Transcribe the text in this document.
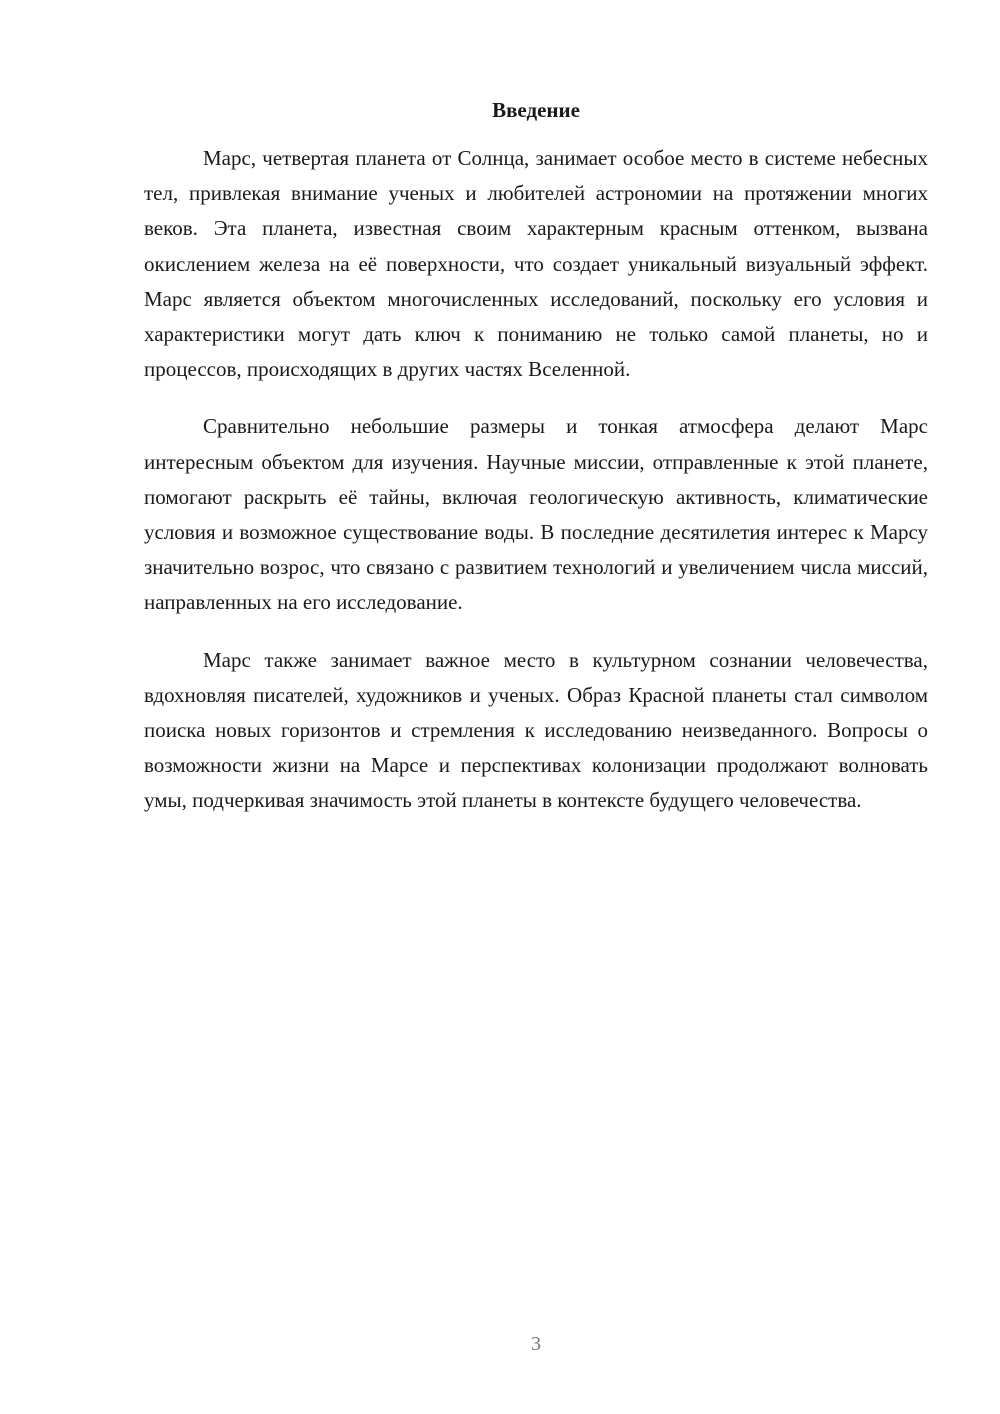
Введение

Марс, четвертая планета от Солнца, занимает особое место в системе небесных тел, привлекая внимание ученых и любителей астрономии на протяжении многих веков. Эта планета, известная своим характерным красным оттенком, вызвана окислением железа на её поверхности, что создает уникальный визуальный эффект. Марс является объектом многочисленных исследований, поскольку его условия и характеристики могут дать ключ к пониманию не только самой планеты, но и процессов, происходящих в других частях Вселенной.

Сравнительно небольшие размеры и тонкая атмосфера делают Марс интересным объектом для изучения. Научные миссии, отправленные к этой планете, помогают раскрыть её тайны, включая геологическую активность, климатические условия и возможное существование воды. В последние десятилетия интерес к Марсу значительно возрос, что связано с развитием технологий и увеличением числа миссий, направленных на его исследование.

Марс также занимает важное место в культурном сознании человечества, вдохновляя писателей, художников и ученых. Образ Красной планеты стал символом поиска новых горизонтов и стремления к исследованию неизведанного. Вопросы о возможности жизни на Марсе и перспективах колонизации продолжают волновать умы, подчеркивая значимость этой планеты в контексте будущего человечества.

3
